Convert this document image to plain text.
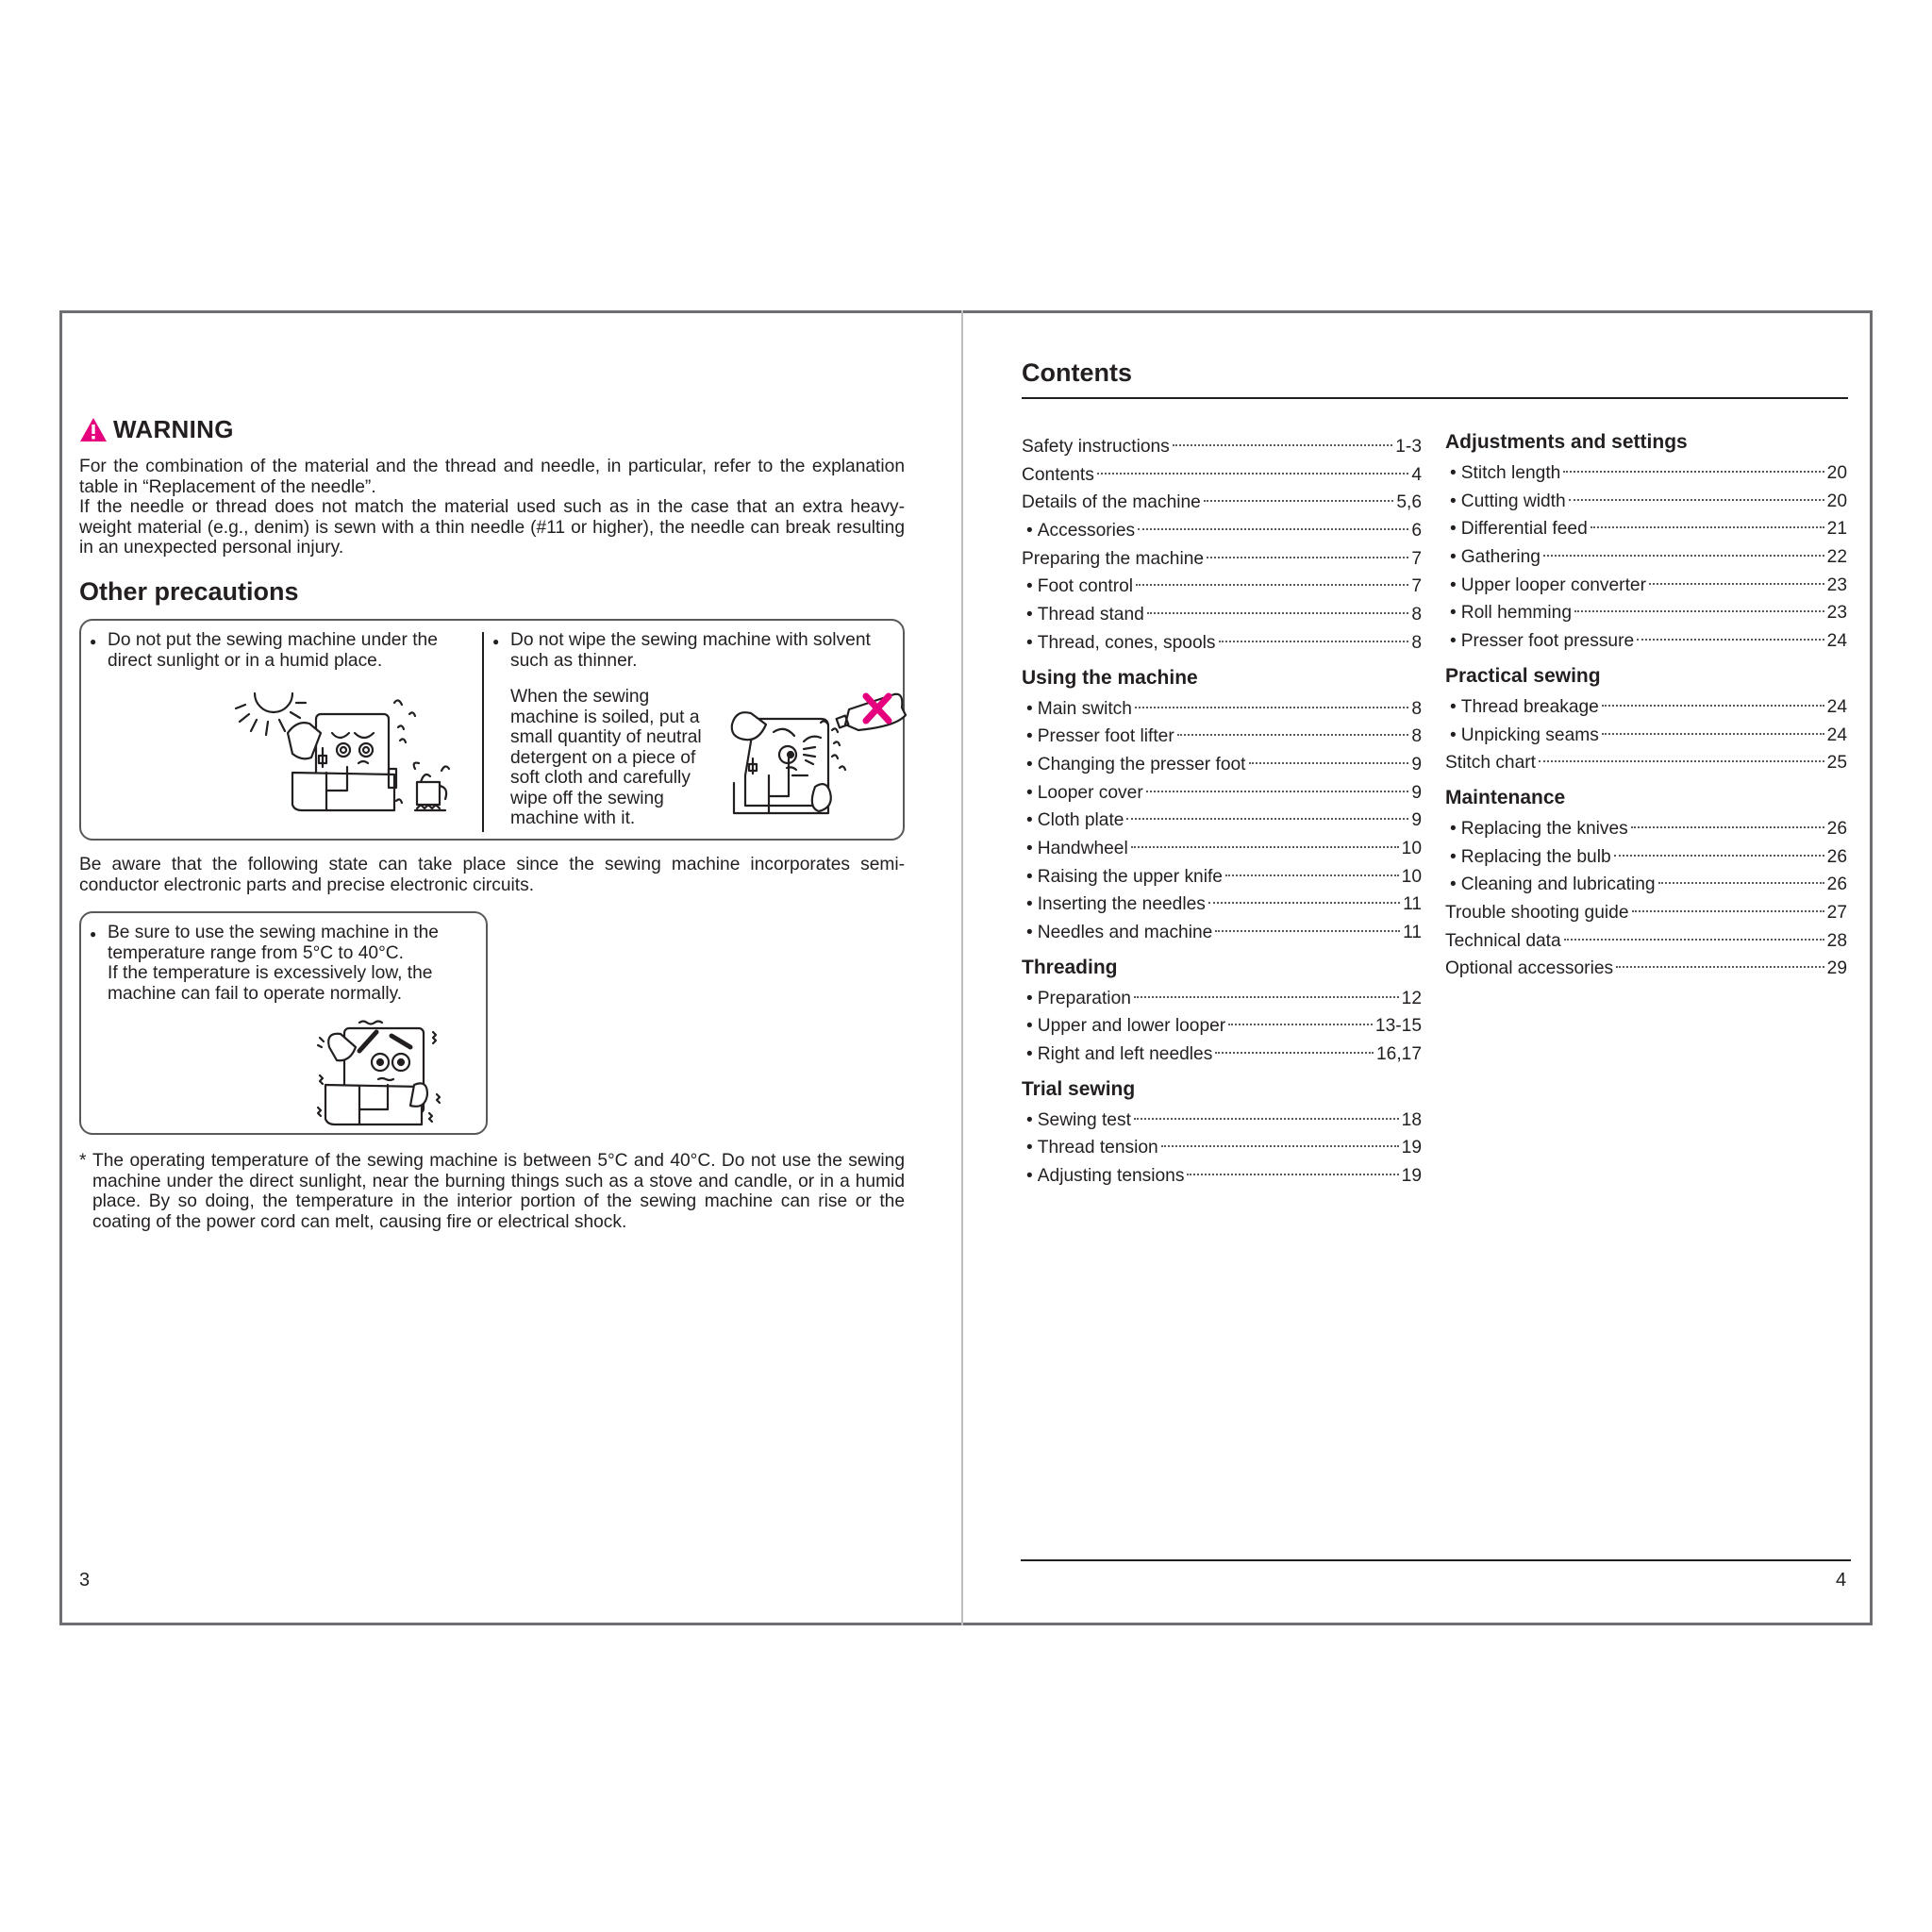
WARNING
For the combination of the material and the thread and needle, in particular, refer to the explanation table in “Replacement of the needle”.
If the needle or thread does not match the material used such as in the case that an extra heavy-weight material (e.g., denim) is sewn with a thin needle (#11 or higher), the needle can break resulting in an unexpected personal injury.
Other precautions
● Do not put the sewing machine under the direct sunlight or in a humid place.
● Do not wipe the sewing machine with solvent such as thinner.
When the sewing machine is soiled, put a small quantity of neutral detergent on a piece of soft cloth and carefully wipe off the sewing machine with it.
Be aware that the following state can take place since the sewing machine incorporates semi-conductor electronic parts and precise electronic circuits.
● Be sure to use the sewing machine in the temperature range from 5°C to 40°C.
If the temperature is excessively low, the machine can fail to operate normally.
* The operating temperature of the sewing machine is between 5°C and 40°C. Do not use the sewing machine under the direct sunlight, near the burning things such as a stove and candle, or in a humid place. By so doing, the temperature in the interior portion of the sewing machine can rise or the coating of the power cord can melt, causing fire or electrical shock.
3
Contents
Safety instructions	1-3
Contents	4
Details of the machine	5,6
• Accessories	6
Preparing the machine	7
• Foot control	7
• Thread stand	8
• Thread, cones, spools	8
Using the machine
• Main switch	8
• Presser foot lifter	8
• Changing the presser foot	9
• Looper cover	9
• Cloth plate	9
• Handwheel	10
• Raising the upper knife	10
• Inserting the needles	11
• Needles and machine	11
Threading
• Preparation	12
• Upper and lower looper	13-15
• Right and left needles	16,17
Trial sewing
• Sewing test	18
• Thread tension	19
• Adjusting tensions	19
Adjustments and settings
• Stitch length	20
• Cutting width	20
• Differential feed	21
• Gathering	22
• Upper looper converter	23
• Roll hemming	23
• Presser foot pressure	24
Practical sewing
• Thread breakage	24
• Unpicking seams	24
Stitch chart	25
Maintenance
• Replacing the knives	26
• Replacing the bulb	26
• Cleaning and lubricating	26
Trouble shooting guide	27
Technical data	28
Optional accessories	29
4
